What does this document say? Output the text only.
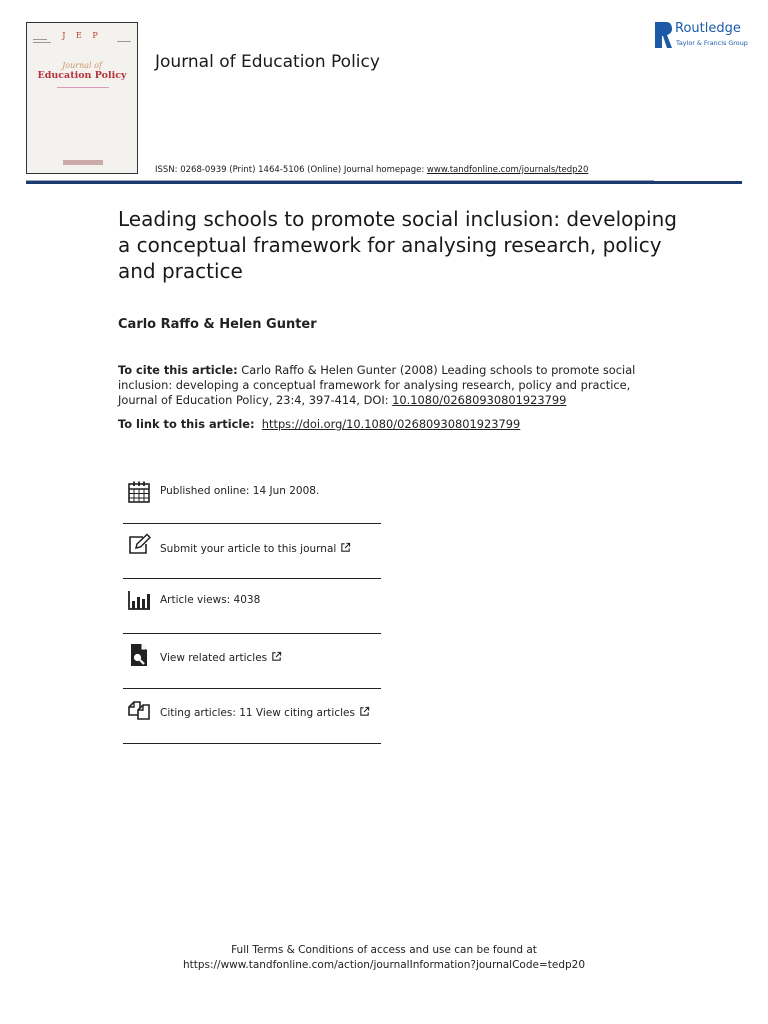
J E P
Journal of
Education Policy
Journal of Education Policy
ISSN: 0268-0939 (Print) 1464-5106 (Online) Journal homepage: www.tandfonline.com/journals/tedp20
Routledge
Taylor & Francis Group
Leading schools to promote social inclusion: developing a conceptual framework for analysing research, policy and practice
Carlo Raffo & Helen Gunter
To cite this article: Carlo Raffo & Helen Gunter (2008) Leading schools to promote social inclusion: developing a conceptual framework for analysing research, policy and practice, Journal of Education Policy, 23:4, 397-414, DOI: 10.1080/02680930801923799
To link to this article: https://doi.org/10.1080/02680930801923799
Published online: 14 Jun 2008.
Submit your article to this journal
Article views: 4038
View related articles
Citing articles: 11 View citing articles
Full Terms & Conditions of access and use can be found at
https://www.tandfonline.com/action/journalInformation?journalCode=tedp20
